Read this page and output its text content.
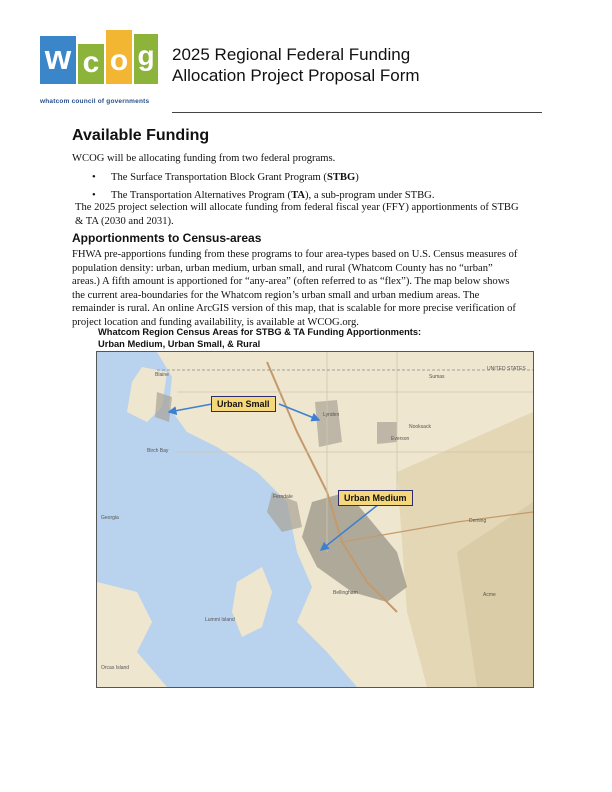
w c o g
whatcom council of governments
2025 Regional Federal Funding
Allocation Project Proposal Form
Available Funding
WCOG will be allocating funding from two federal programs.
• The Surface Transportation Block Grant Program (STBG)
• The Transportation Alternatives Program (TA), a sub-program under STBG.
The 2025 project selection will allocate funding from federal fiscal year (FFY) apportionments of STBG
& TA (2030 and 2031).
Apportionments to Census-areas
FHWA pre-apportions funding from these programs to four area-types based on U.S. Census measures of
population density: urban, urban medium, urban small, and rural (Whatcom County has no “urban”
areas.) A fifth amount is apportioned for “any-area” (often referred to as “flex”). The map below shows
the current area-boundaries for the Whatcom region’s urban small and urban medium areas. The
remainder is rural. An online ArcGIS version of this map, that is scalable for more precise verification of
project location and funding availability, is available at WCOG.org.
Whatcom Region Census Areas for STBG & TA Funding Apportionments:
Urban Medium, Urban Small, & Rural
Urban Small
Urban Medium
Georgia
Lummi Island
Orcas Island
Bellingham
Ferndale
Lynden
Everson
Nooksack
Birch Bay
Blaine	Sumas
UNITED STATES
Acme
Deming
